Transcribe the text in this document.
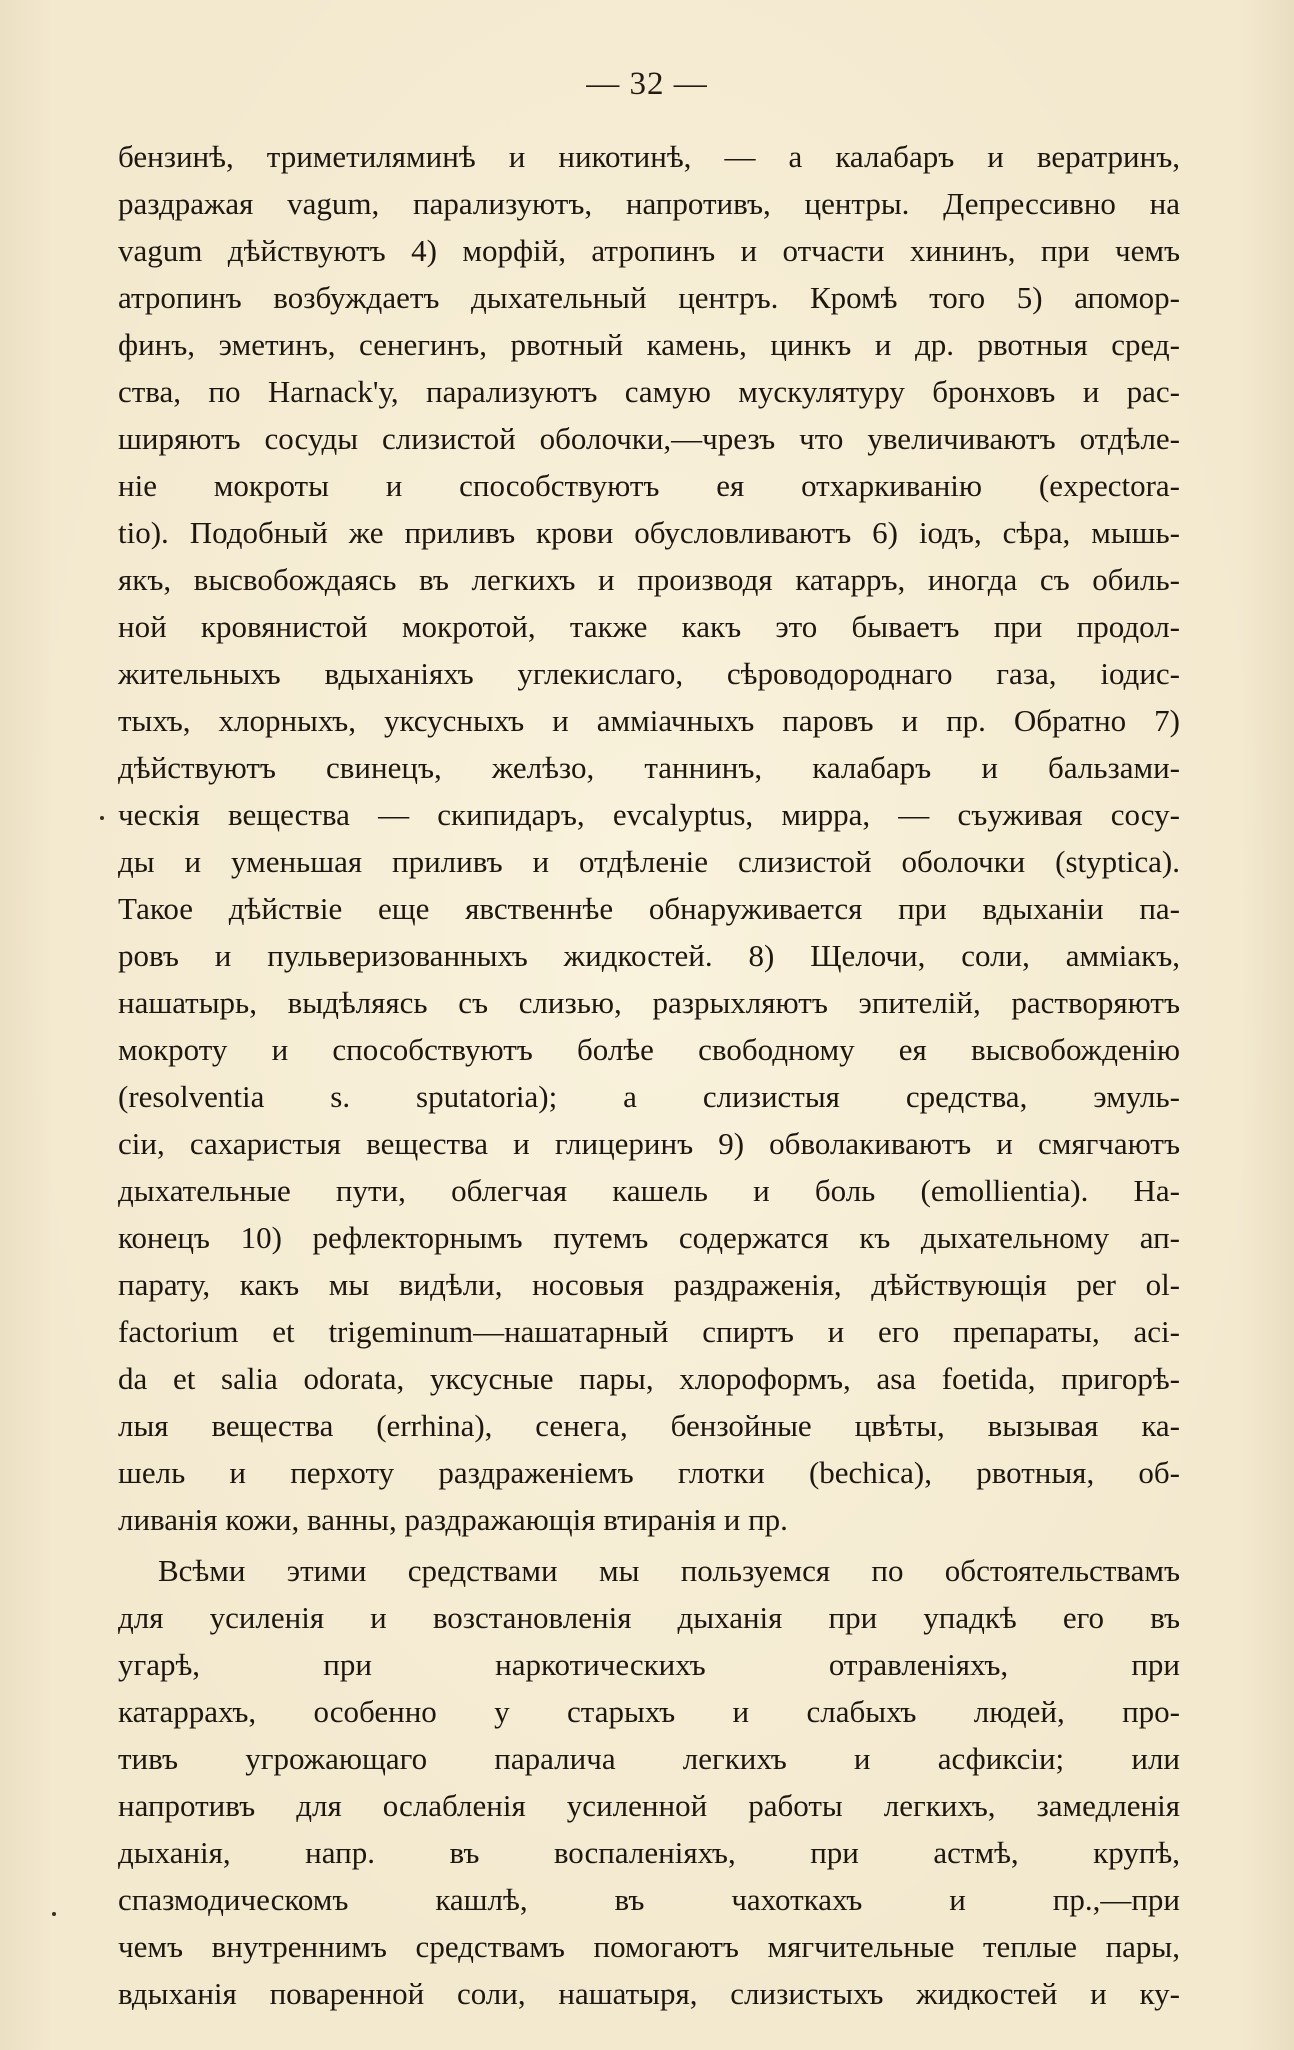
— 32 —
бензинѣ, триметиляминѣ и никотинѣ, — а калабаръ и вератринъ,
раздражая vagum, парализуютъ, напротивъ, центры. Депрессивно на
vagum дѣйствуютъ 4) морфій, атропинъ и отчасти хининъ, при чемъ
атропинъ возбуждаетъ дыхательный центръ. Кромѣ того 5) апомор-
финъ, эметинъ, сенегинъ, рвотный камень, цинкъ и др. рвотныя сред-
ства, по Harnack'у, парализуютъ самую мускулятуру бронховъ и рас-
ширяютъ сосуды слизистой оболочки,—чрезъ что увеличиваютъ отдѣле-
ніе мокроты и способствуютъ ея отхаркиванію (expectora-
tio). Подобный же приливъ крови обусловливаютъ 6) іодъ, сѣра, мышь-
якъ, высвобождаясь въ легкихъ и производя катарръ, иногда съ обиль-
ной кровянистой мокротой, также какъ это бываетъ при продол-
жительныхъ вдыханіяхъ углекислаго, сѣроводороднаго газа, іодис-
тыхъ, хлорныхъ, уксусныхъ и амміачныхъ паровъ и пр. Обратно 7)
дѣйствуютъ свинецъ, желѣзо, таннинъ, калабаръ и бальзами-
ческія вещества — скипидаръ, evcalyptus, мирра, — съуживая сосу-
ды и уменьшая приливъ и отдѣленіе слизистой оболочки (styptica).
Такое дѣйствіе еще явственнѣе обнаруживается при вдыханіи па-
ровъ и пульверизованныхъ жидкостей. 8) Щелочи, соли, амміакъ,
нашатырь, выдѣляясь съ слизью, разрыхляютъ эпителій, растворяютъ
мокроту и способствуютъ болѣе свободному ея высвобожденію
(resolventia s. sputatoria); а слизистыя средства, эмуль-
сіи, сахаристыя вещества и глицеринъ 9) обволакиваютъ и смягчаютъ
дыхательные пути, облегчая кашель и боль (emollientia). На-
конецъ 10) рефлекторнымъ путемъ содержатся къ дыхательному ап-
парату, какъ мы видѣли, носовыя раздраженія, дѣйствующія per ol-
factorium et trigeminum—нашатарный спиртъ и его препараты, aci-
da et salia odorata, уксусные пары, хлороформъ, asa foetida, пригорѣ-
лыя вещества (errhina), сенега, бензойные цвѣты, вызывая ка-
шель и перхоту раздраженіемъ глотки (bechica), рвотныя, об-
ливанія кожи, ванны, раздражающія втиранія и пр.
Всѣми этими средствами мы пользуемся по обстоятельствамъ
для усиленія и возстановленія дыханія при упадкѣ его въ
угарѣ, при наркотическихъ отравленіяхъ, при
катаррахъ, особенно у старыхъ и слабыхъ людей, про-
тивъ угрожающаго паралича легкихъ и асфиксіи; или
напротивъ для ослабленія усиленной работы легкихъ, замедленія
дыханія, напр. въ воспаленіяхъ, при астмѣ, крупѣ,
спазмодическомъ кашлѣ, въ чахоткахъ и пр.,—при
чемъ внутреннимъ средствамъ помогаютъ мягчительные теплые пары,
вдыханія поваренной соли, нашатыря, слизистыхъ жидкостей и ку-
